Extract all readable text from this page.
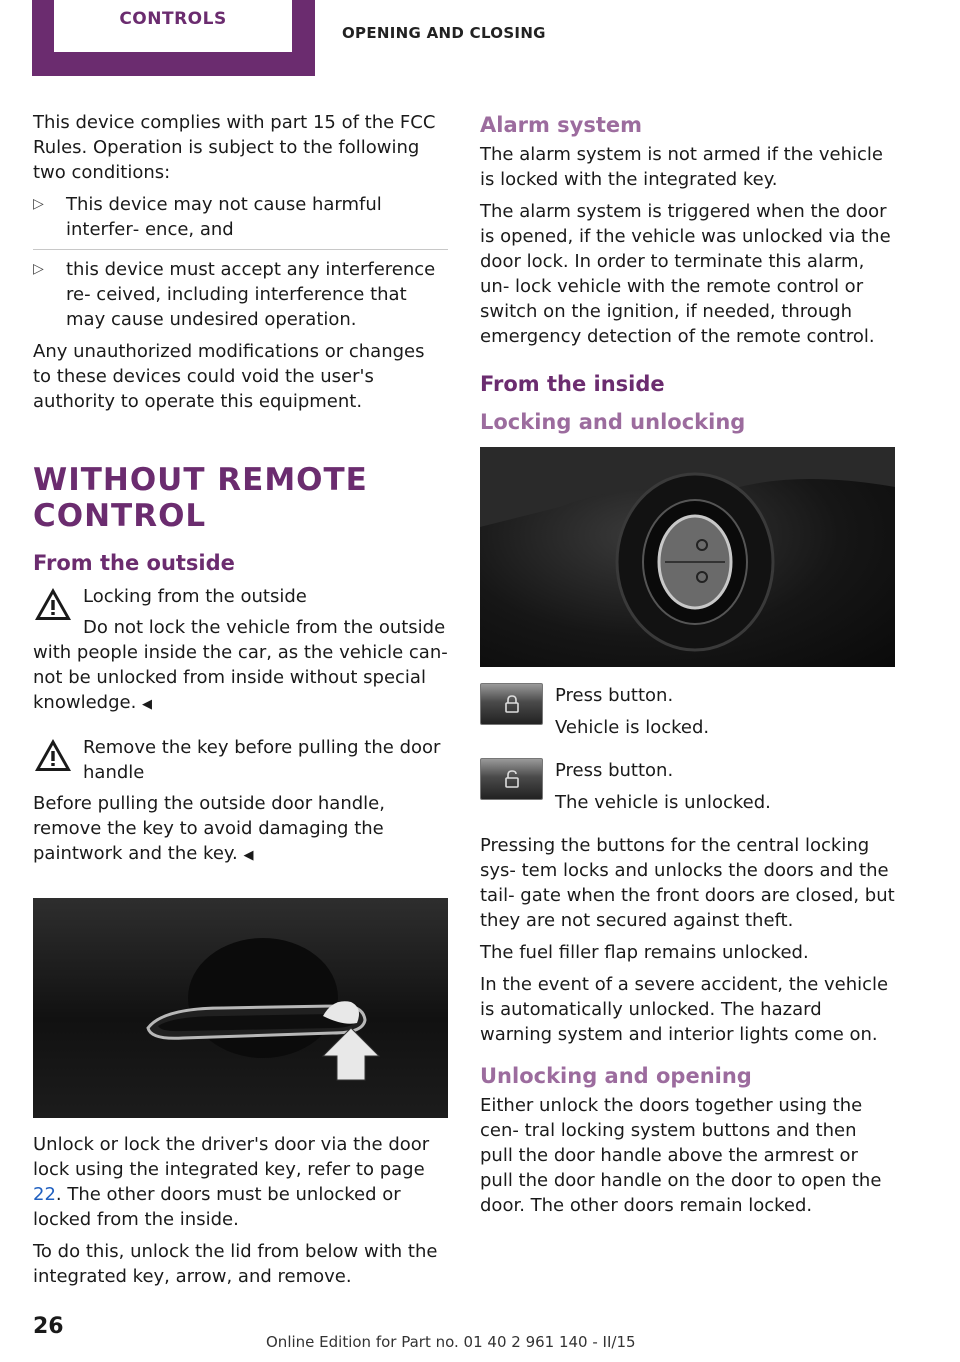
CONTROLS
OPENING AND CLOSING

This device complies with part 15 of the FCC Rules. Operation is subject to the following two conditions:

▷ This device may not cause harmful interfer‐ ence, and
▷ this device must accept any interference re‐ ceived, including interference that may cause undesired operation.

Any unauthorized modifications or changes to these devices could void the user's authority to operate this equipment.

WITHOUT REMOTE CONTROL
From the outside
Locking from the outside

Do not lock the vehicle from the outside with people inside the car, as the vehicle can‐ not be unlocked from inside without special knowledge. ◀

Remove the key before pulling the door handle

Before pulling the outside door handle, remove the key to avoid damaging the paintwork and the key. ◀

Unlock or lock the driver's door via the door lock using the integrated key, refer to page 22. The other doors must be unlocked or locked from the inside.

To do this, unlock the lid from below with the integrated key, arrow, and remove.

Alarm system

The alarm system is not armed if the vehicle is locked with the integrated key.

The alarm system is triggered when the door is opened, if the vehicle was unlocked via the door lock. In order to terminate this alarm, un‐ lock vehicle with the remote control or switch on the ignition, if needed, through emergency detection of the remote control.

From the inside
Locking and unlocking

Press button.

Vehicle is locked.

Press button.

The vehicle is unlocked.

Pressing the buttons for the central locking sys‐ tem locks and unlocks the doors and the tail‐ gate when the front doors are closed, but they are not secured against theft.

The fuel filler flap remains unlocked.

In the event of a severe accident, the vehicle is automatically unlocked. The hazard warning system and interior lights come on.

Unlocking and opening

Either unlock the doors together using the cen‐ tral locking system buttons and then pull the door handle above the armrest or pull the door handle on the door to open the door. The other doors remain locked.

26
Online Edition for Part no. 01 40 2 961 140 - II/15
